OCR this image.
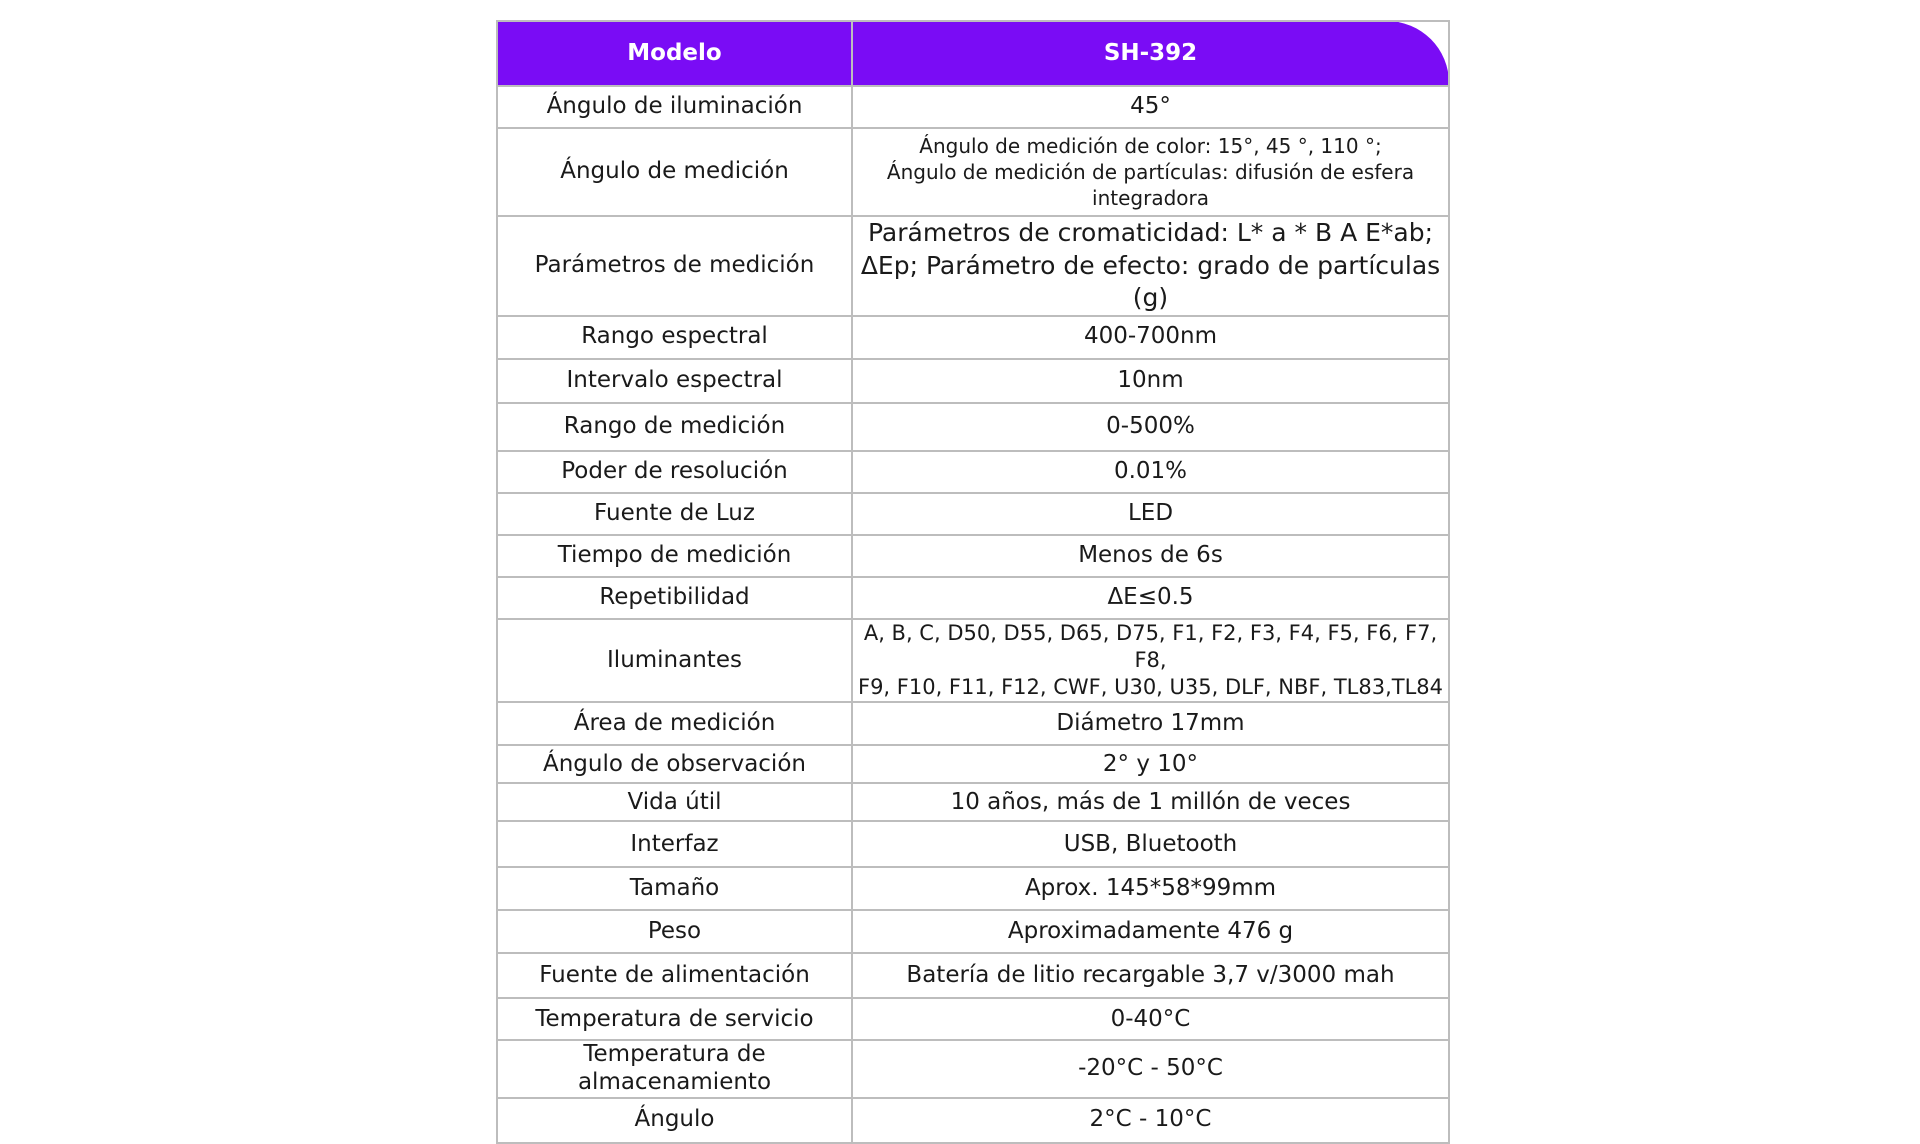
Modelo	SH-392
Ángulo de iluminación	45°
Ángulo de medición	Ángulo de medición de color: 15°, 45 °, 110 °;
Ángulo de medición de partículas: difusión de esfera integradora
Parámetros de medición	Parámetros de cromaticidad: L* a * B A E*ab;
ΔEp; Parámetro de efecto: grado de partículas (g)
Rango espectral	400-700nm
Intervalo espectral	10nm
Rango de medición	0-500%
Poder de resolución	0.01%
Fuente de Luz	LED
Tiempo de medición	Menos de 6s
Repetibilidad	ΔE≤0.5
Iluminantes	A, B, C, D50, D55, D65, D75, F1, F2, F3, F4, F5, F6, F7, F8,
F9, F10, F11, F12, CWF, U30, U35, DLF, NBF, TL83,TL84
Área de medición	Diámetro 17mm
Ángulo de observación	2° y 10°
Vida útil	10 años, más de 1 millón de veces
Interfaz	USB, Bluetooth
Tamaño	Aprox. 145*58*99mm
Peso	Aproximadamente 476 g
Fuente de alimentación	Batería de litio recargable 3,7 v/3000 mah
Temperatura de servicio	0-40°C
Temperatura de almacenamiento	-20°C - 50°C
Ángulo	2°C - 10°C
